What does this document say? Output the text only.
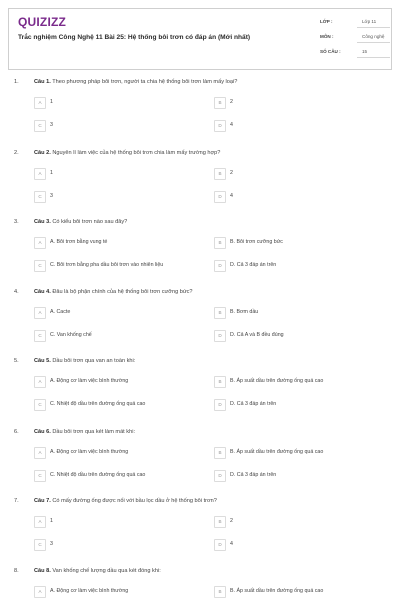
QUIZIZZ
Trắc nghiệm Công Nghệ 11 Bài 25: Hệ thống bôi trơn có đáp án (Mới nhất)
LỚP :	Lớp 11
MÔN :	Công nghệ
SỐ CÂU :	15
1.	Câu 1. Theo phương pháp bôi trơn, người ta chia hệ thống bôi trơn làm mấy loại?
A	1	B	2
C	3	D	4
2.	Câu 2. Nguyên lí làm việc của hệ thống bôi trơn chia làm mấy trường hợp?
A	1	B	2
C	3	D	4
3.	Câu 3. Có kiểu bôi trơn nào sau đây?
A	A. Bôi trơn bằng vung té	B	B. Bôi trơn cưỡng bức
C	C. Bôi trơn bằng pha dầu bôi trơn vào nhiên liệu	D	D. Cả 3 đáp án trên
4.	Câu 4. Đâu là bộ phận chính của hệ thống bôi trơn cưỡng bức?
A	A. Cacte	B	B. Bơm dầu
C	C. Van khống chế	D	D. Cả A và B đều đúng
5.	Câu 5. Dầu bôi trơn qua van an toàn khi:
A	A. Động cơ làm việc bình thường	B	B. Áp suất dầu trên đường ống quá cao
C	C. Nhiệt độ dầu trên đường ống quá cao	D	D. Cả 3 đáp án trên
6.	Câu 6. Dầu bôi trơn qua két làm mát khi:
A	A. Động cơ làm việc bình thường	B	B. Áp suất dầu trên đường ống quá cao
C	C. Nhiệt độ dầu trên đường ống quá cao	D	D. Cả 3 đáp án trên
7.	Câu 7. Có mấy đường ống được nối với bầu lọc dầu ở hệ thống bôi trơn?
A	1	B	2
C	3	D	4
8.	Câu 8. Van khống chế lượng dầu qua két đóng khi:
A	A. Động cơ làm việc bình thường	B	B. Áp suất dầu trên đường ống quá cao
